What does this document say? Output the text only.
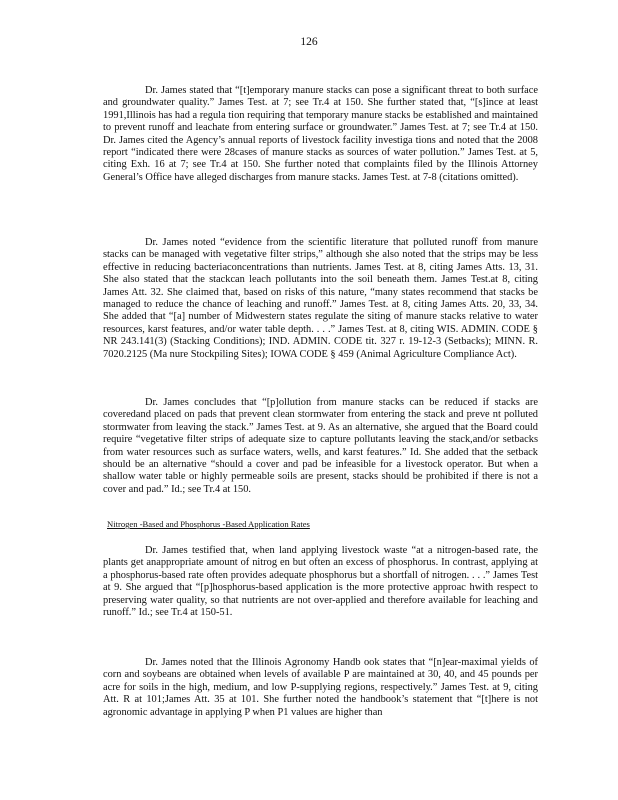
126

Dr. James stated that “[t]emporary manure stacks can pose a significant threat to both surface and groundwater quality.” James Test. at 7; see Tr.4 at 150. She further stated that, “[s]ince at least 1991,Illinois has had a regula tion requiring that temporary manure stacks be established and maintained to prevent runoff and leachate from entering surface or groundwater.” James Test. at 7; see Tr.4 at 150. Dr. James cited the Agency’s annual reports of livestock facility investiga tions and noted that the 2008 report “indicated there were 28cases of manure stacks as sources of water pollution.” James Test. at 5, citing Exh. 16 at 7; see Tr.4 at 150. She further noted that complaints filed by the Illinois Attorney General’s Office have alleged discharges from manure stacks. James Test. at 7-8 (citations omitted).

Dr. James noted “evidence from the scientific literature that polluted runoff from manure stacks can be managed with vegetative filter strips,” although she also noted that the strips may be less effective in reducing bacteriaconcentrations than nutrients. James Test. at 8, citing James Atts. 13, 31. She also stated that the stackcan leach pollutants into the soil beneath them. James Test.at 8, citing James Att. 32. She claimed that, based on risks of this nature, “many states recommend that stacks be managed to reduce the chance of leaching and runoff.” James Test. at 8, citing James Atts. 20, 33, 34. She added that “[a] number of Midwestern states regulate the siting of manure stacks relative to water resources, karst features, and/or water table depth. . . .” James Test. at 8, citing WIS. ADMIN. CODE § NR 243.141(3) (Stacking Conditions); IND. ADMIN. CODE tit. 327 r. 19-12-3 (Setbacks); MINN. R. 7020.2125 (Ma nure Stockpiling Sites); IOWA CODE § 459 (Animal Agriculture Compliance Act).

Dr. James concludes that “[p]ollution from manure stacks can be reduced if stacks are coveredand placed on pads that prevent clean stormwater from entering the stack and preve nt polluted stormwater from leaving the stack.” James Test. at 9. As an alternative, she argued that the Board could require “vegetative filter strips of adequate size to capture pollutants leaving the stack,and/or setbacks from water resources such as surface waters, wells, and karst features.” Id. She added that the setback should be an alternative “should a cover and pad be infeasible for a livestock operator. But when a shallow water table or highly permeable soils are present, stacks should be prohibited if there is not a cover and pad.” Id.; see Tr.4 at 150.

Nitrogen -Based and Phosphorus -Based Application Rates

Dr. James testified that, when land applying livestock waste “at a nitrogen-based rate, the plants get anappropriate amount of nitrog en but often an excess of phosphorus. In contrast, applying at a phosphorus-based rate often provides adequate phosphorus but a shortfall of nitrogen. . . .” James Test at 9. She argued that “[p]hosphorus-based application is the more protective approac hwith respect to preserving water quality, so that nutrients are not over-applied and therefore available for leaching and runoff.” Id.; see Tr.4 at 150-51.

Dr. James noted that the Illinois Agronomy Handb ook states that “[n]ear-maximal yields of corn and soybeans are obtained when levels of available P are maintained at 30, 40, and 45 pounds per acre for soils in the high, medium, and low P-supplying regions, respectively.” James Test. at 9, citing Att. R at 101;James Att. 35 at 101. She further noted the handbook’s statement that “[t]here is not agronomic advantage in applying P when P1 values are higher than
